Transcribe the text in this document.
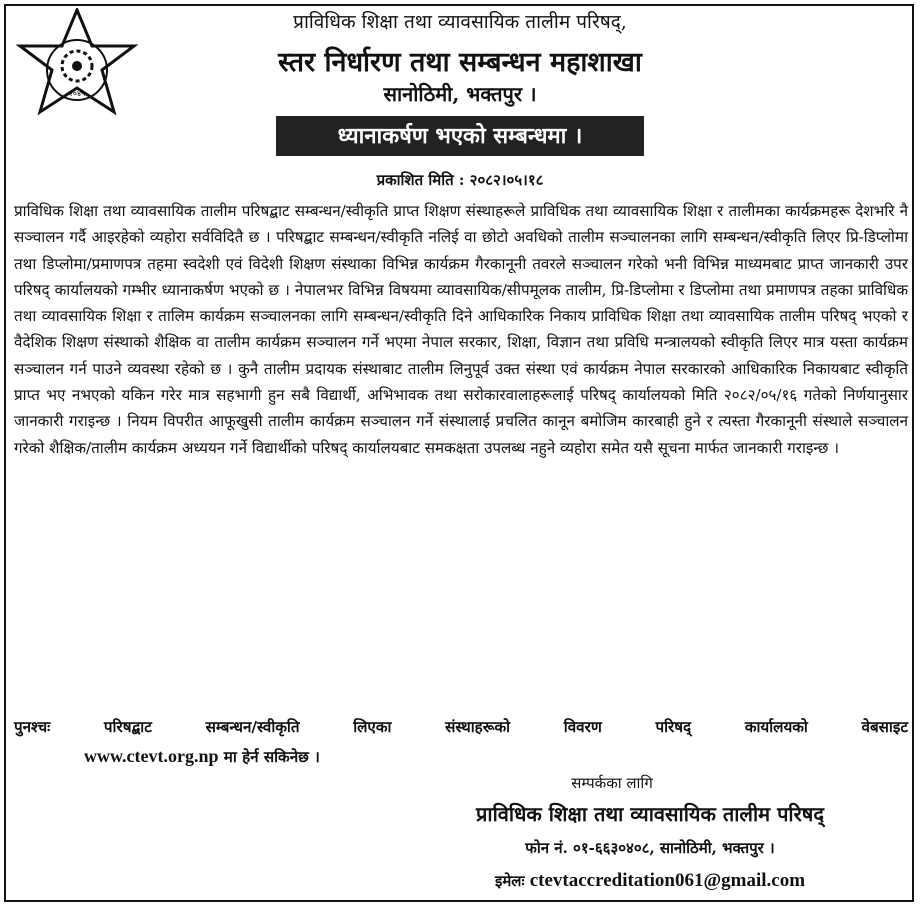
२०४५
प्राविधिक शिक्षा तथा व्यावसायिक तालीम परिषद्,
स्तर निर्धारण तथा सम्बन्धन महाशाखा
सानोठिमी, भक्तपुर ।
ध्यानाकर्षण भएको सम्बन्धमा ।
प्रकाशित मिति : २०८२।०५।१८
प्राविधिक शिक्षा तथा व्यावसायिक तालीम परिषद्बाट सम्बन्धन/स्वीकृति प्राप्त शिक्षण संस्थाहरूले प्राविधिक तथा व्यावसायिक शिक्षा र तालीमका कार्यक्रमहरू देशभरि नै सञ्चालन गर्दै आइरहेको व्यहोरा सर्वविदितै छ । परिषद्बाट सम्बन्धन/स्वीकृति नलिई वा छोटो अवधिको तालीम सञ्चालनका लागि सम्बन्धन/स्वीकृति लिएर प्रि-डिप्लोमा तथा डिप्लोमा/प्रमाणपत्र तहमा स्वदेशी एवं विदेशी शिक्षण संस्थाका विभिन्न कार्यक्रम गैरकानूनी तवरले सञ्चालन गरेको भनी विभिन्न माध्यमबाट प्राप्त जानकारी उपर परिषद् कार्यालयको गम्भीर ध्यानाकर्षण भएको छ । नेपालभर विभिन्न विषयमा व्यावसायिक/सीपमूलक तालीम, प्रि-डिप्लोमा र डिप्लोमा तथा प्रमाणपत्र तहका प्राविधिक तथा व्यावसायिक शिक्षा र तालिम कार्यक्रम सञ्चालनका लागि सम्बन्धन/स्वीकृति दिने आधिकारिक निकाय प्राविधिक शिक्षा तथा व्यावसायिक तालीम परिषद् भएको र वैदेशिक शिक्षण संस्थाको शैक्षिक वा तालीम कार्यक्रम सञ्चालन गर्ने भएमा नेपाल सरकार, शिक्षा, विज्ञान तथा प्रविधि मन्त्रालयको स्वीकृति लिएर मात्र यस्ता कार्यक्रम सञ्चालन गर्न पाउने व्यवस्था रहेको छ । कुनै तालीम प्रदायक संस्थाबाट तालीम लिनुपूर्व उक्त संस्था एवं कार्यक्रम नेपाल सरकारको आधिकारिक निकायबाट स्वीकृति प्राप्त भए नभएको यकिन गरेर मात्र सहभागी हुन सबै विद्यार्थी, अभिभावक तथा सरोकारवालाहरूलाई परिषद् कार्यालयको मिति २०८२/०५/१६ गतेको निर्णयानुसार जानकारी गराइन्छ । नियम विपरीत आफूखुसी तालीम कार्यक्रम सञ्चालन गर्ने संस्थालाई प्रचलित कानून बमोजिम कारबाही हुने र त्यस्ता गैरकानूनी संस्थाले सञ्चालन गरेको शैक्षिक/तालीम कार्यक्रम अध्ययन गर्ने विद्यार्थीको परिषद् कार्यालयबाट समकक्षता उपलब्ध नहुने व्यहोरा समेत यसै सूचना मार्फत जानकारी गराइन्छ ।
पुनश्चः	परिषद्बाट	सम्बन्धन/स्वीकृति	लिएका	संस्थाहरूको	विवरण	परिषद्	कार्यालयको	वेबसाइट
www.ctevt.org.np मा हेर्न सकिनेछ ।
सम्पर्कका लागि
प्राविधिक शिक्षा तथा व्यावसायिक तालीम परिषद्
फोन नं. ०१-६६३०४०८, सानोठिमी, भक्तपुर ।
इमेलः ctevtaccreditation061@gmail.com
